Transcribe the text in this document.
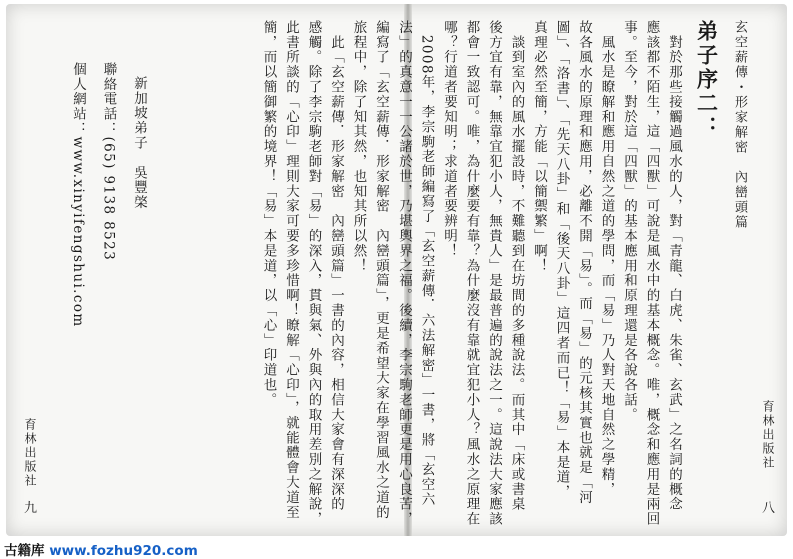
玄空薪傳・形家解密　內巒頭篇
弟子序二：
　對於那些接觸過風水的人，對「青龍、白虎、朱雀、玄武」之名詞的概念
應該都不陌生，這「四獸」可說是風水中的基本概念。唯，概念和應用是兩回
事。至今，對於這「四獸」的基本應用和原理還是各說各話。
　風水是瞭解和應用自然之道的學問，而「易」乃人對天地自然之學精，
故各風水的原理和應用，必離不開「易」。而「易」的元核其實也就是「河
圖」、「洛書」、「先天八卦」和「後天八卦」這四者而已！「易」本是道，
真理必然至簡，方能「以簡禦繁」啊！
　談到室內的風水擺設時，不難聽到在坊間的多種說法。而其中「床或書桌
後方宜有靠，無靠宜犯小人，無貴人」是最普遍的說法之一。這說法大家應該
都會一致認可。唯，為什麼要有靠？為什麼沒有靠就宜犯小人？風水之原理在
哪？行道者要知明；求道者要辨明！
　2008年，李宗駒老師編寫了「玄空薪傳．六法解密」一書，將「玄空六
法」的真意一一公諸於世，乃堪輿界之福。後續，李宗駒老師更是用心良苦，	育林出版社
八
編寫了「玄空薪傳．形家解密　內巒頭篇」，更是希望大家在學習風水之道的
旅程中，除了知其然，也知其所以然！
　此「玄空薪傳．形家解密　內巒頭篇」一書的內容，相信大家會有深深的
感觸。除了李宗駒老師對「易」的深入，貫與氣、外與內的取用差別之解說，
此書所談的「心印」理則大家可要多珍惜啊！瞭解「心印」，就能體會大道至
簡，而以簡御繁的境界！「易」本是道，以「心」印道也。
新加坡弟子　吳豐棨
聯絡電話：(65) 9138 8523
個人網站：www.xinyifengshui.com
育林出版社
九
古籍库 www.fozhu920.com
